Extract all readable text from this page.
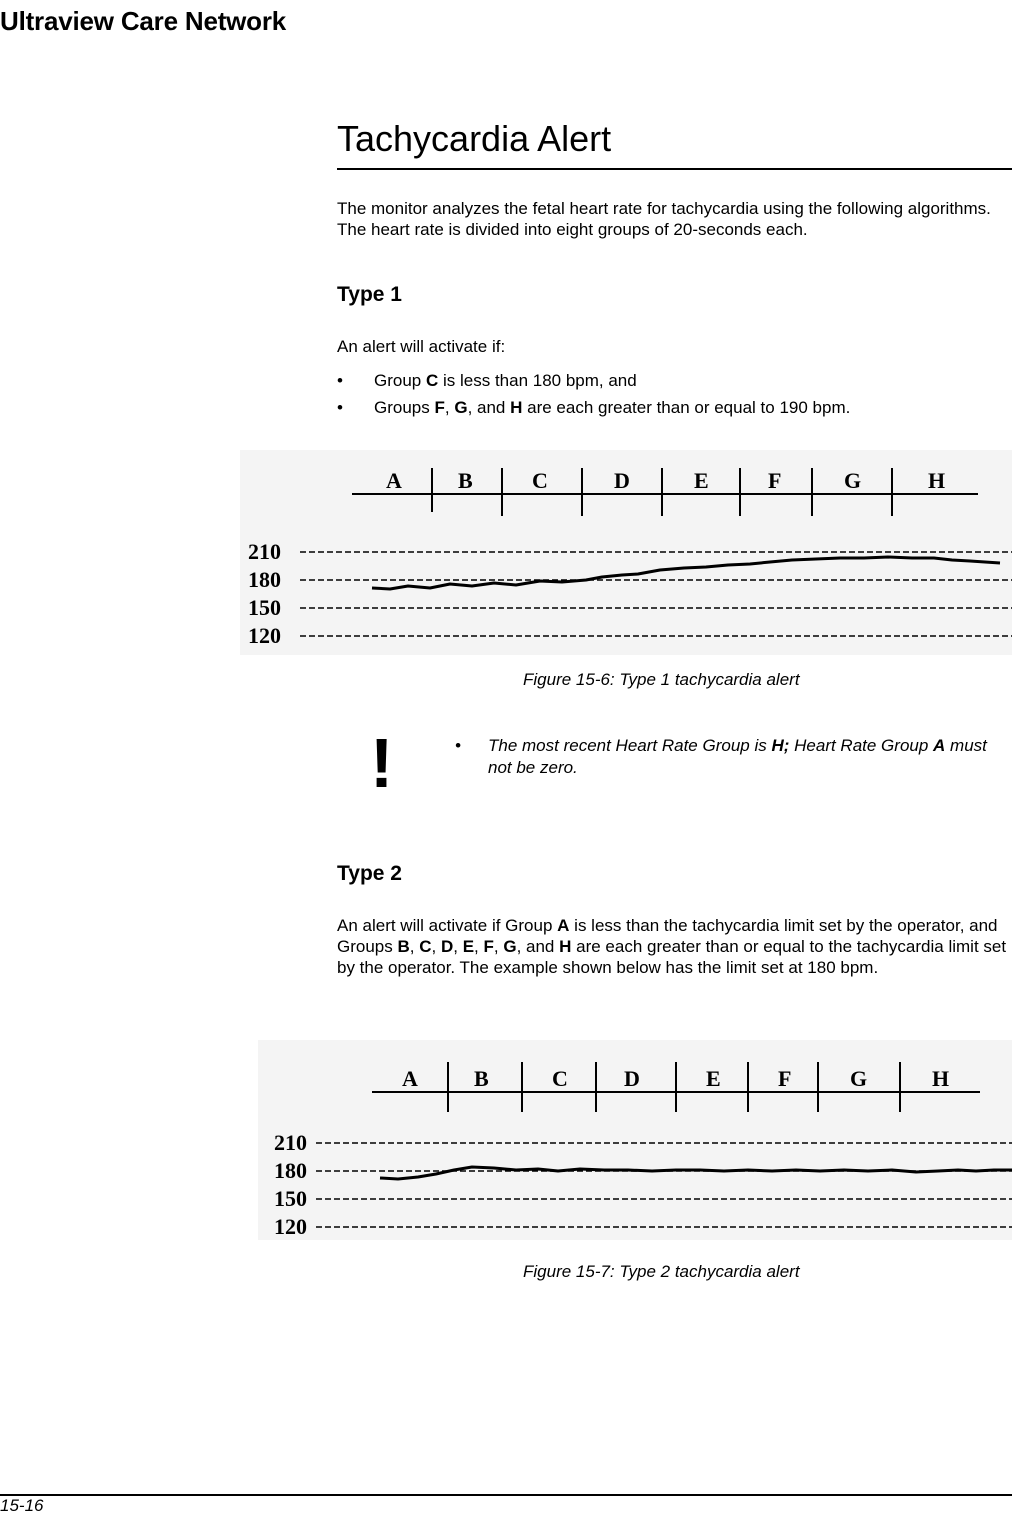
Ultraview Care Network
Tachycardia Alert
The monitor analyzes the fetal heart rate for tachycardia using the following algorithms. The heart rate is divided into eight groups of 20-seconds each.
Type 1
An alert will activate if:
•	Group C is less than 180 bpm, and
•	Groups F, G, and H are each greater than or equal to 190 bpm.
A	B	C	D	E	F	G	H
210
180
150
120
Figure 15-6: Type 1 tachycardia alert
!	• The most recent Heart Rate Group is H; Heart Rate Group A must not be zero.
Type 2
An alert will activate if Group A is less than the tachycardia limit set by the operator, and Groups B, C, D, E, F, G, and H are each greater than or equal to the tachycardia limit set by the operator. The example shown below has the limit set at 180 bpm.
A	B	C	D	E	F	G	H
210
180
150
120
Figure 15-7: Type 2 tachycardia alert
15-16
